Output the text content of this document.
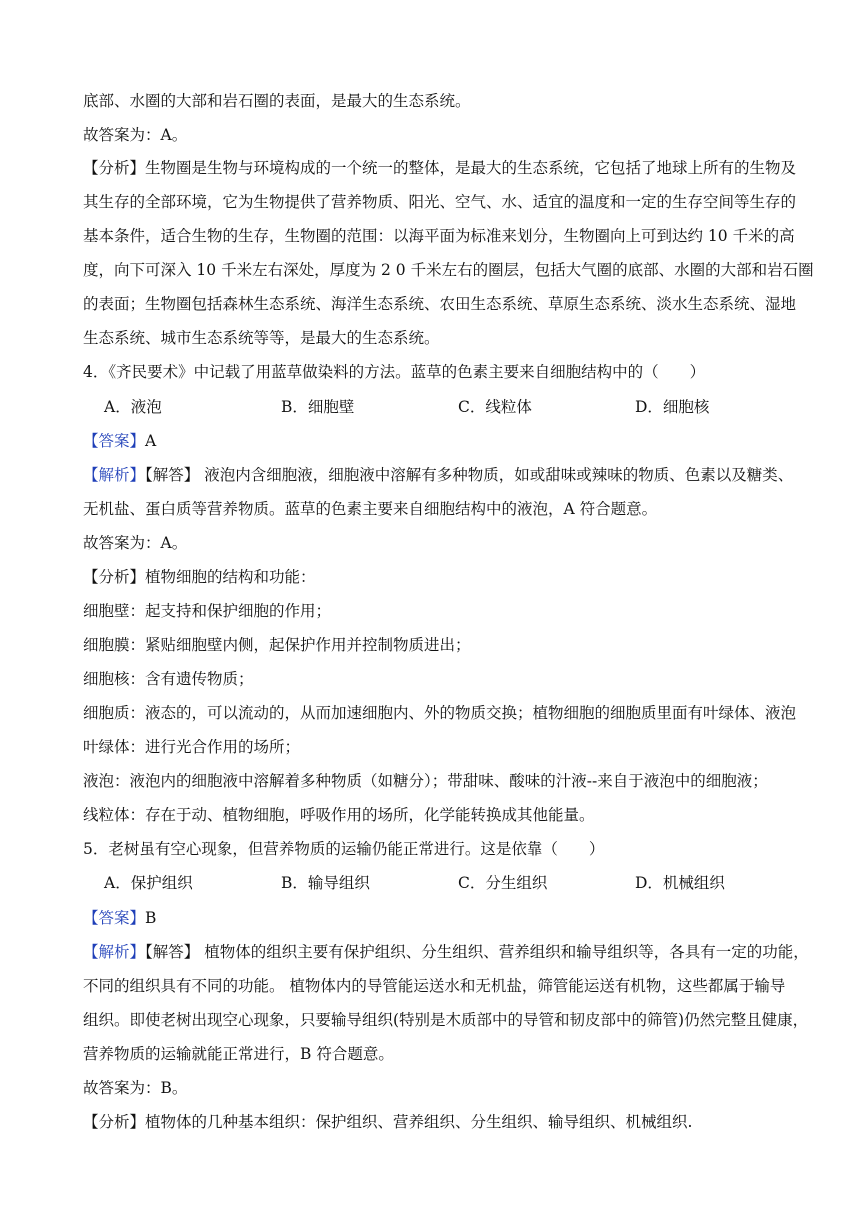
底部、水圈的大部和岩石圈的表面，是最大的生态系统。
故答案为：A。
【分析】生物圈是生物与环境构成的一个统一的整体，是最大的生态系统，它包括了地球上所有的生物及
其生存的全部环境，它为生物提供了营养物质、阳光、空气、水、适宜的温度和一定的生存空间等生存的
基本条件，适合生物的生存，生物圈的范围：以海平面为标准来划分，生物圈向上可到达约 10 千米的高
度，向下可深入 10 千米左右深处，厚度为 2 0 千米左右的圈层，包括大气圈的底部、水圈的大部和岩石圈
的表面；生物圈包括森林生态系统、海洋生态系统、农田生态系统、草原生态系统、淡水生态系统、湿地
生态系统、城市生态系统等等，是最大的生态系统。
4．《齐民要术》中记载了用蓝草做染料的方法。蓝草的色素主要来自细胞结构中的（　　）
A．液泡	B．细胞壁	C．线粒体	D．细胞核
【答案】A
【解析】【解答】 液泡内含细胞液，细胞液中溶解有多种物质，如或甜味或辣味的物质、色素以及糖类、
无机盐、蛋白质等营养物质。蓝草的色素主要来自细胞结构中的液泡，A 符合题意。
故答案为：A。
【分析】植物细胞的结构和功能：
细胞壁：起支持和保护细胞的作用；
细胞膜：紧贴细胞壁内侧，起保护作用并控制物质进出；
细胞核：含有遗传物质；
细胞质：液态的，可以流动的，从而加速细胞内、外的物质交换；植物细胞的细胞质里面有叶绿体、液泡
叶绿体：进行光合作用的场所；
液泡：液泡内的细胞液中溶解着多种物质（如糖分）；带甜味、酸味的汁液--来自于液泡中的细胞液；
线粒体：存在于动、植物细胞，呼吸作用的场所，化学能转换成其他能量。
5．老树虽有空心现象，但营养物质的运输仍能正常进行。这是依靠（　　）
A．保护组织	B．输导组织	C．分生组织	D．机械组织
【答案】B
【解析】【解答】 植物体的组织主要有保护组织、分生组织、营养组织和输导组织等，各具有一定的功能，
不同的组织具有不同的功能。 植物体内的导管能运送水和无机盐，筛管能运送有机物，这些都属于输导
组织。即使老树出现空心现象，只要输导组织(特别是木质部中的导管和韧皮部中的筛管)仍然完整且健康，
营养物质的运输就能正常进行，B 符合题意。
故答案为：B。
【分析】植物体的几种基本组织：保护组织、营养组织、分生组织、输导组织、机械组织.
